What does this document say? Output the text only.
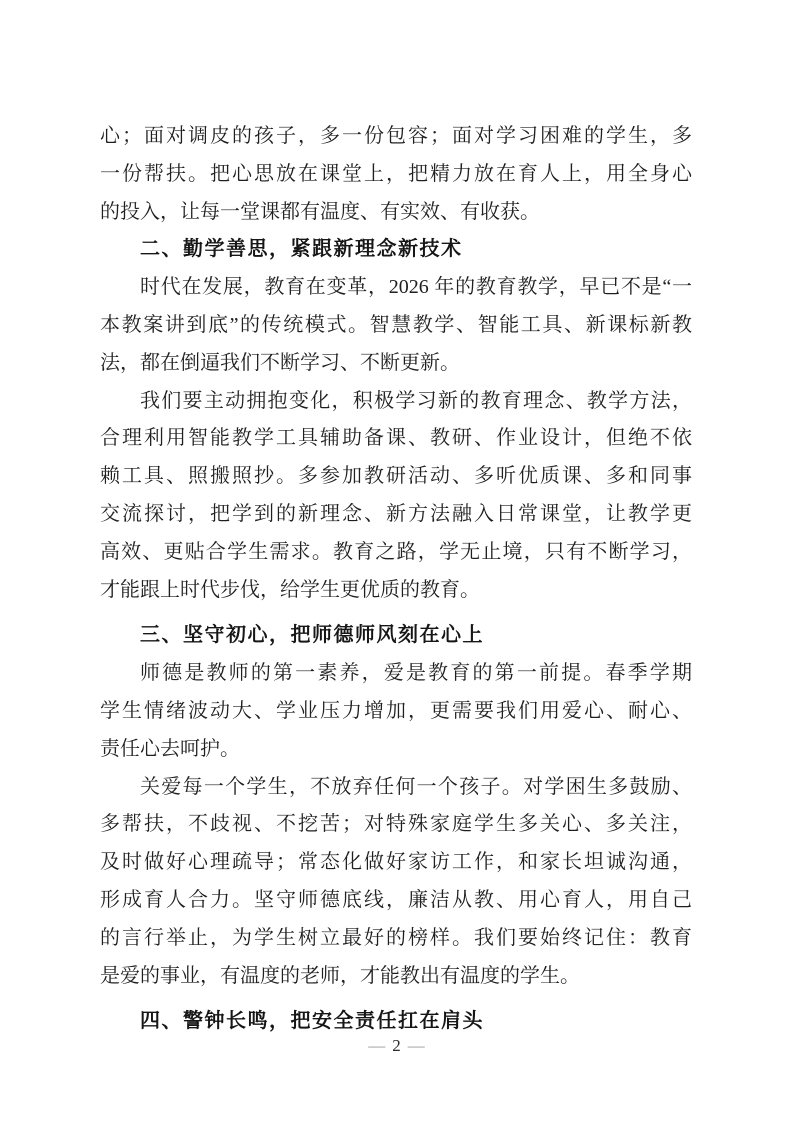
心；面对调皮的孩子，多一份包容；面对学习困难的学生，多
一份帮扶。把心思放在课堂上，把精力放在育人上，用全身心
的投入，让每一堂课都有温度、有实效、有收获。
二、勤学善思，紧跟新理念新技术
时代在发展，教育在变革，2026 年的教育教学，早已不是“一
本教案讲到底”的传统模式。智慧教学、智能工具、新课标新教
法，都在倒逼我们不断学习、不断更新。
我们要主动拥抱变化，积极学习新的教育理念、教学方法，
合理利用智能教学工具辅助备课、教研、作业设计，但绝不依
赖工具、照搬照抄。多参加教研活动、多听优质课、多和同事
交流探讨，把学到的新理念、新方法融入日常课堂，让教学更
高效、更贴合学生需求。教育之路，学无止境，只有不断学习，
才能跟上时代步伐，给学生更优质的教育。
三、坚守初心，把师德师风刻在心上
师德是教师的第一素养，爱是教育的第一前提。春季学期
学生情绪波动大、学业压力增加，更需要我们用爱心、耐心、
责任心去呵护。
关爱每一个学生，不放弃任何一个孩子。对学困生多鼓励、
多帮扶，不歧视、不挖苦；对特殊家庭学生多关心、多关注，
及时做好心理疏导；常态化做好家访工作，和家长坦诚沟通，
形成育人合力。坚守师德底线，廉洁从教、用心育人，用自己
的言行举止，为学生树立最好的榜样。我们要始终记住：教育
是爱的事业，有温度的老师，才能教出有温度的学生。
四、警钟长鸣，把安全责任扛在肩头
— 2 —
